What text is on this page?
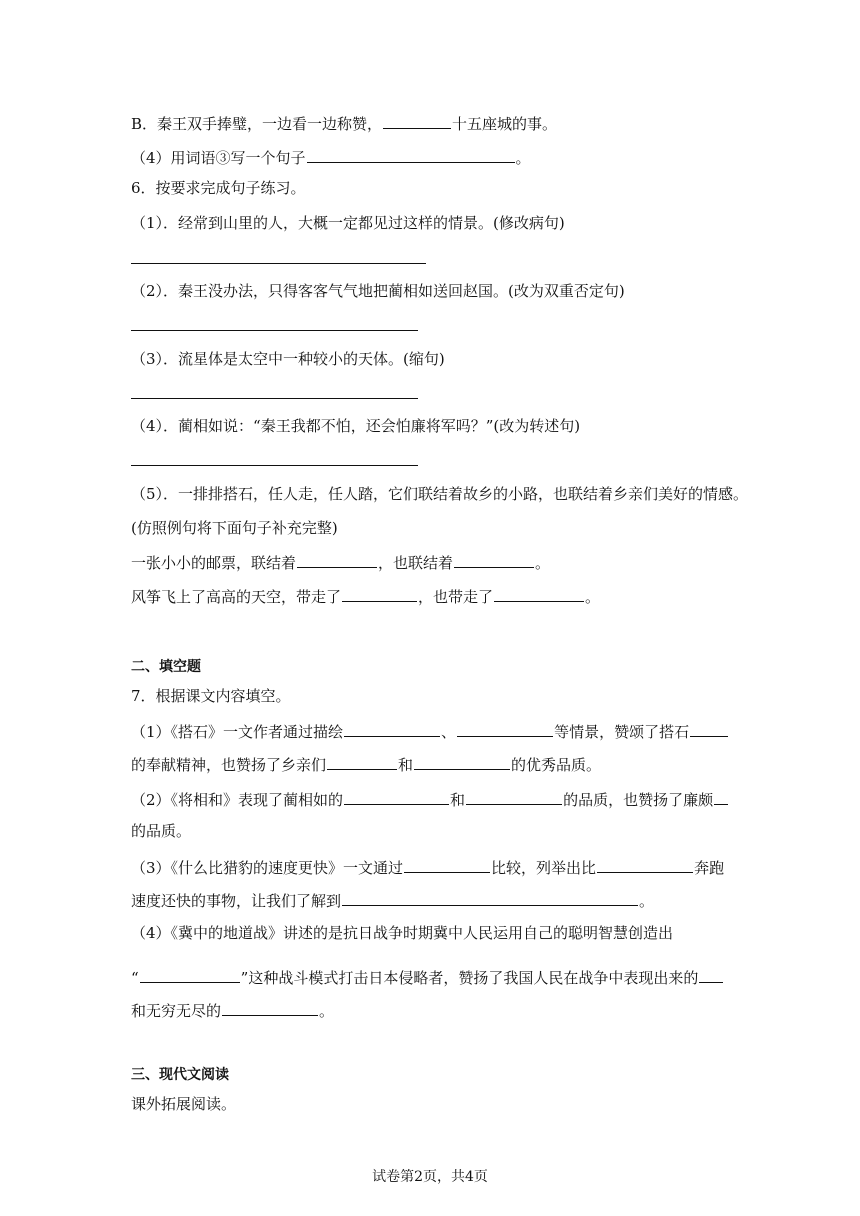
B．秦王双手捧璧，一边看一边称赞，	十五座城的事。
（4）用词语③写一个句子	。
6．按要求完成句子练习。
（1）．经常到山里的人，大概一定都见过这样的情景。(修改病句)
（2）．秦王没办法，只得客客气气地把蔺相如送回赵国。(改为双重否定句)
（3）．流星体是太空中一种较小的天体。(缩句)
（4）．蔺相如说：“秦王我都不怕，还会怕廉将军吗？”(改为转述句)
（5）．一排排搭石，任人走，任人踏，它们联结着故乡的小路，也联结着乡亲们美好的情感。
(仿照例句将下面句子补充完整)
一张小小的邮票，联结着	，也联结着	。
风筝飞上了高高的天空，带走了	，也带走了	。
二、填空题
7．根据课文内容填空。
（1）《搭石》一文作者通过描绘	、	等情景，赞颂了搭石
的奉献精神，也赞扬了乡亲们	和	的优秀品质。
（2）《将相和》表现了蔺相如的	和	的品质，也赞扬了廉颇
的品质。
（3）《什么比猎豹的速度更快》一文通过	比较，列举出比	奔跑
速度还快的事物，让我们了解到	。
（4）《冀中的地道战》讲述的是抗日战争时期冀中人民运用自己的聪明智慧创造出
“	”这种战斗模式打击日本侵略者，赞扬了我国人民在战争中表现出来的
和无穷无尽的	。
三、现代文阅读
课外拓展阅读。
试卷第2页，共4页
